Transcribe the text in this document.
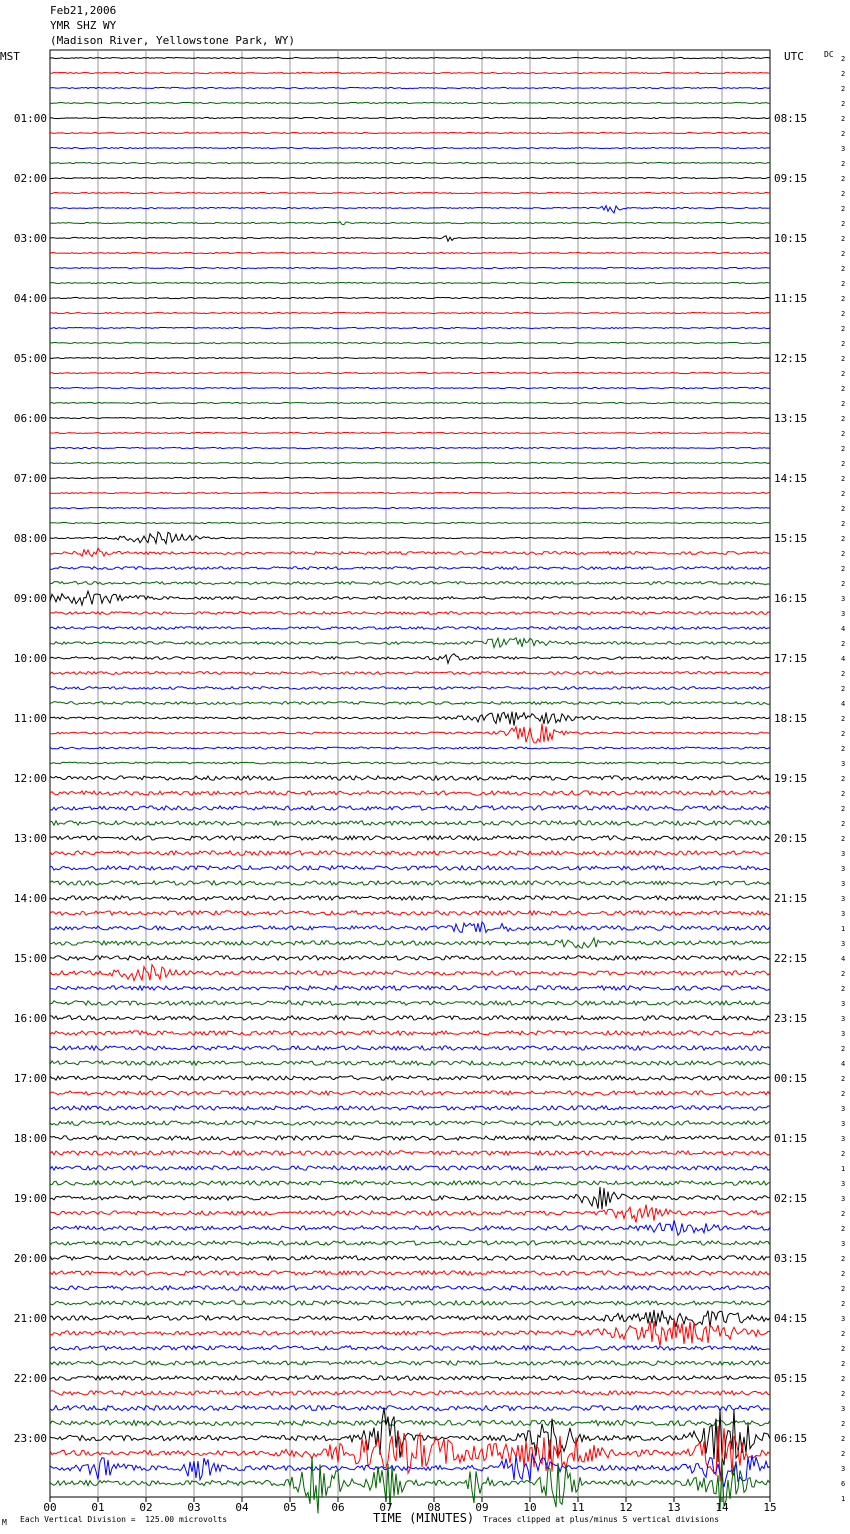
Feb21,2006
YMR SHZ WY
(Madison River, Yellowstone Park, WY)
MST	UTC	DC
01:00
02:00
03:00
04:00
05:00
06:00
07:00
08:00
09:00
10:00
11:00
12:00
13:00
14:00
15:00
16:00
17:00
18:00
19:00
20:00
21:00
22:00
23:00
08:15
09:15
10:15
11:15
12:15
13:15
14:15
15:15
16:15
17:15
18:15
19:15
20:15
21:15
22:15
23:15
00:15
01:15
02:15
03:15
04:15
05:15
06:15
2
2
2
2
2
2
3
2
2
2
2
2
2
2
2
2
2
2
2
2
2
2
2
2
2
2
2
2
2
2
2
2
2
2
2
2
3
3
4
2
4
2
2
4
2
2
2
3
2
2
2
2
2
3
3
3
3
3
1
3
4
2
2
3
3
3
2
4
2
2
3
3
3
2
1
3
3
2
2
3
2
2
2
2
3
2
2
2
2
2
3
2
2
2
3
6
1
00	01	02	03	04	05	06	07	08	09	10	11	12	13	14	15
TIME (MINUTES)
Each Vertical Division =  125.00 microvolts	Traces clipped at plus/minus 5 vertical divisions
M
